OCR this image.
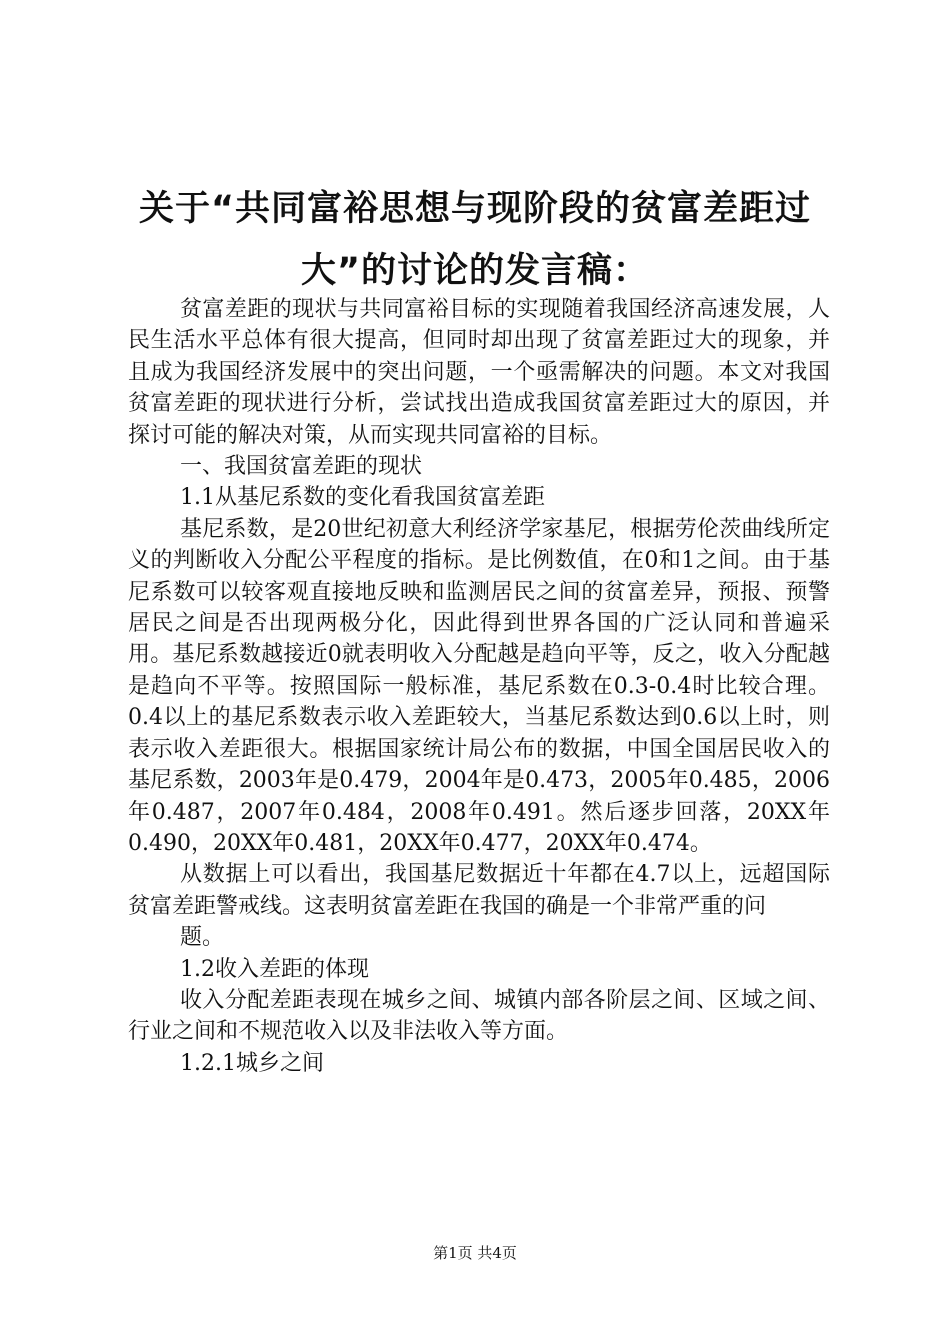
关于“共同富裕思想与现阶段的贫富差距过大”的讨论的发言稿：

贫富差距的现状与共同富裕目标的实现随着我国经济高速发展，人民生活水平总体有很大提高，但同时却出现了贫富差距过大的现象，并且成为我国经济发展中的突出问题，一个亟需解决的问题。本文对我国贫富差距的现状进行分析，尝试找出造成我国贫富差距过大的原因，并探讨可能的解决对策，从而实现共同富裕的目标。

一、我国贫富差距的现状

1.1从基尼系数的变化看我国贫富差距

基尼系数，是20世纪初意大利经济学家基尼，根据劳伦茨曲线所定义的判断收入分配公平程度的指标。是比例数值，在0和1之间。由于基尼系数可以较客观直接地反映和监测居民之间的贫富差异，预报、预警居民之间是否出现两极分化，因此得到世界各国的广泛认同和普遍采用。基尼系数越接近0就表明收入分配越是趋向平等，反之，收入分配越是趋向不平等。按照国际一般标准，基尼系数在0.3-0.4时比较合理。0.4以上的基尼系数表示收入差距较大，当基尼系数达到0.6以上时，则表示收入差距很大。根据国家统计局公布的数据，中国全国居民收入的基尼系数，2003年是0.479，2004年是0.473，2005年0.485，2006年0.487，2007年0.484，2008年0.491。然后逐步回落，20XX年0.490，20XX年0.481，20XX年0.477，20XX年0.474。

从数据上可以看出，我国基尼数据近十年都在4.7以上，远超国际贫富差距警戒线。这表明贫富差距在我国的确是一个非常严重的问

题。

1.2收入差距的体现

收入分配差距表现在城乡之间、城镇内部各阶层之间、区域之间、行业之间和不规范收入以及非法收入等方面。

1.2.1城乡之间

第1页 共4页
